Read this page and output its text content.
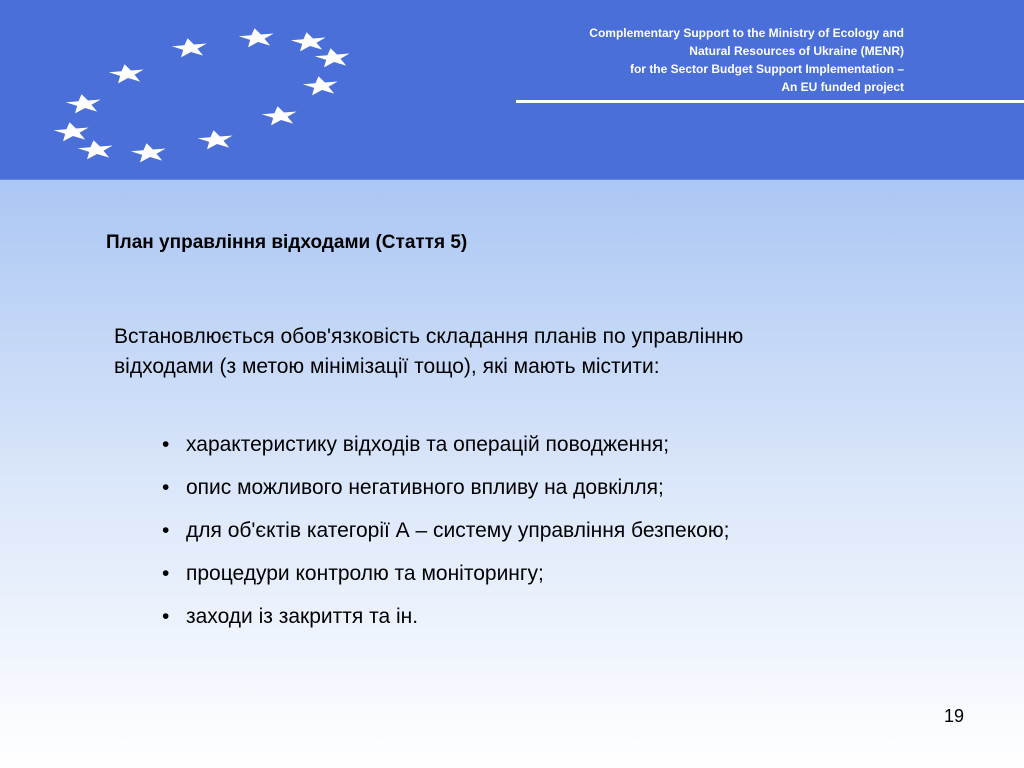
Complementary Support to the Ministry of Ecology and
Natural Resources of Ukraine (MENR)
for the Sector Budget Support Implementation –
An EU funded project
План управління відходами (Стаття 5)
Встановлюється обов'язковість складання планів по управлінню
відходами (з метою мінімізації тощо), які мають містити:
• характеристику відходів та операцій поводження;
• опис можливого негативного впливу на довкілля;
• для об'єктів категорії А – систему управління безпекою;
• процедури контролю та моніторингу;
• заходи із закриття та ін.
19
